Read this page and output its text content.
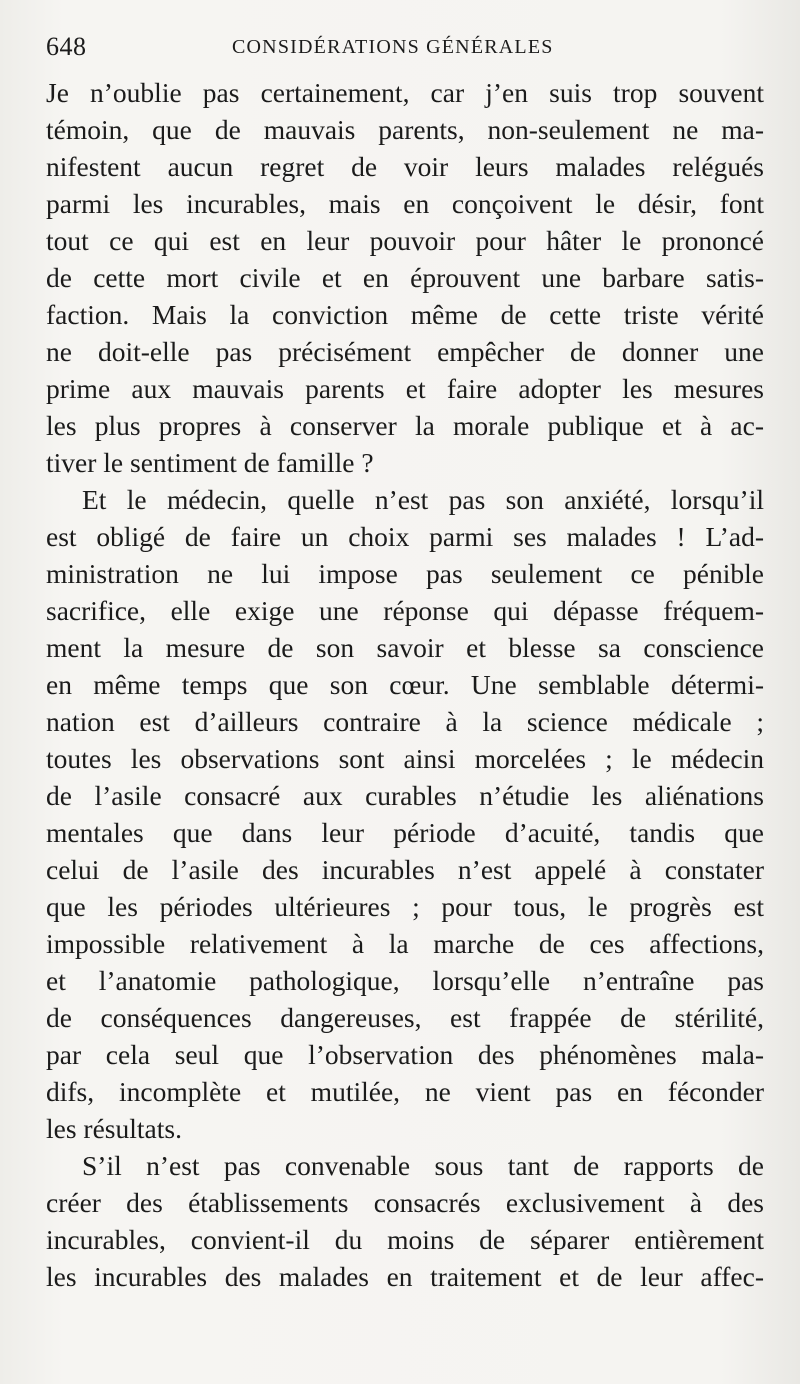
648	CONSIDÉRATIONS GÉNÉRALES
Je n’oublie pas certainement, car j’en suis trop souvent
témoin, que de mauvais parents, non-seulement ne ma-
nifestent aucun regret de voir leurs malades relégués
parmi les incurables, mais en conçoivent le désir, font
tout ce qui est en leur pouvoir pour hâter le prononcé
de cette mort civile et en éprouvent une barbare satis-
faction. Mais la conviction même de cette triste vérité
ne doit-elle pas précisément empêcher de donner une
prime aux mauvais parents et faire adopter les mesures
les plus propres à conserver la morale publique et à ac-
tiver le sentiment de famille ?
Et le médecin, quelle n’est pas son anxiété, lorsqu’il
est obligé de faire un choix parmi ses malades ! L’ad-
ministration ne lui impose pas seulement ce pénible
sacrifice, elle exige une réponse qui dépasse fréquem-
ment la mesure de son savoir et blesse sa conscience
en même temps que son cœur. Une semblable détermi-
nation est d’ailleurs contraire à la science médicale ;
toutes les observations sont ainsi morcelées ; le médecin
de l’asile consacré aux curables n’étudie les aliénations
mentales que dans leur période d’acuité, tandis que
celui de l’asile des incurables n’est appelé à constater
que les périodes ultérieures ; pour tous, le progrès est
impossible relativement à la marche de ces affections,
et l’anatomie pathologique, lorsqu’elle n’entraîne pas
de conséquences dangereuses, est frappée de stérilité,
par cela seul que l’observation des phénomènes mala-
difs, incomplète et mutilée, ne vient pas en féconder
les résultats.
S’il n’est pas convenable sous tant de rapports de
créer des établissements consacrés exclusivement à des
incurables, convient-il du moins de séparer entièrement
les incurables des malades en traitement et de leur affec-
